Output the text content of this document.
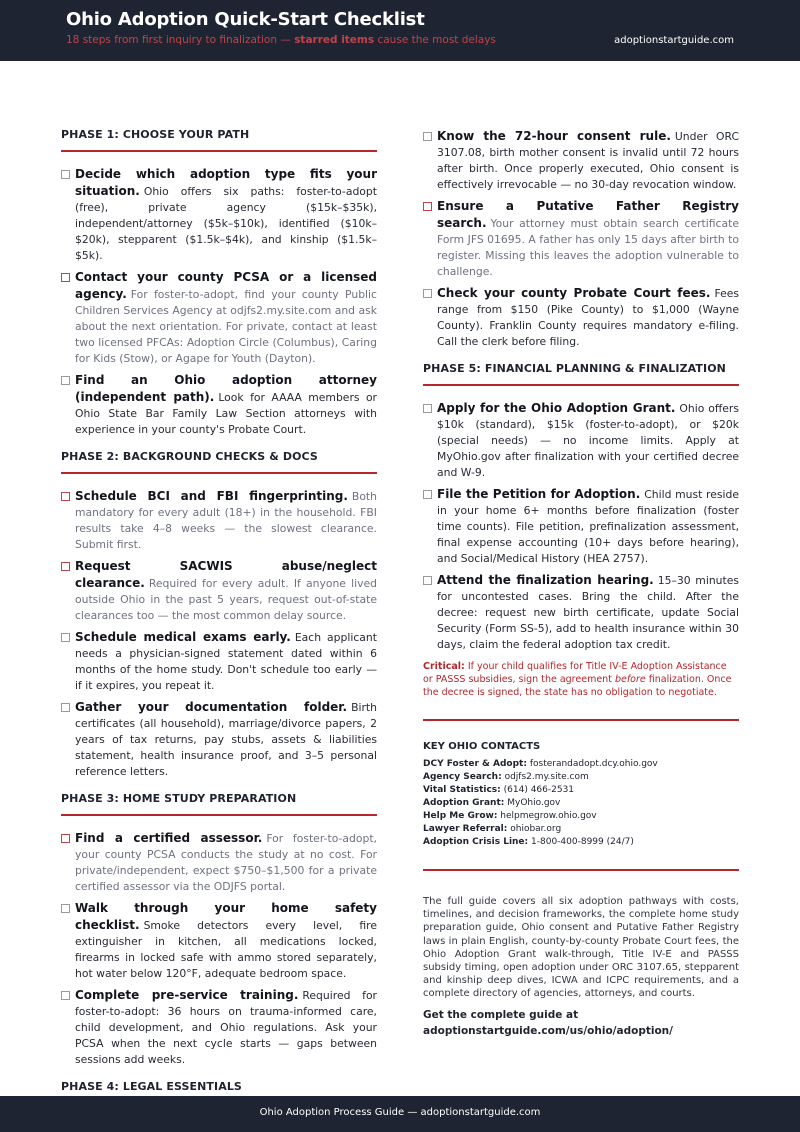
Ohio Adoption Quick-Start Checklist
18 steps from first inquiry to finalization — starred items cause the most delays	adoptionstartguide.com
PHASE 1: CHOOSE YOUR PATH
Decide which adoption type fits your situation. Ohio offers six paths: foster-to-adopt (free), private agency ($15k–$35k), independent/attorney ($5k–$10k), identified ($10k–$20k), stepparent ($1.5k–$4k), and kinship ($1.5k–$5k).
Contact your county PCSA or a licensed agency. For foster-to-adopt, find your county Public Children Services Agency at odjfs2.my.site.com and ask about the next orientation. For private, contact at least two licensed PFCAs: Adoption Circle (Columbus), Caring for Kids (Stow), or Agape for Youth (Dayton).
Find an Ohio adoption attorney (independent path). Look for AAAA members or Ohio State Bar Family Law Section attorneys with experience in your county's Probate Court.
PHASE 2: BACKGROUND CHECKS & DOCS
Schedule BCI and FBI fingerprinting. Both mandatory for every adult (18+) in the household. FBI results take 4–8 weeks — the slowest clearance. Submit first.
Request SACWIS abuse/neglect clearance. Required for every adult. If anyone lived outside Ohio in the past 5 years, request out-of-state clearances too — the most common delay source.
Schedule medical exams early. Each applicant needs a physician-signed statement dated within 6 months of the home study. Don't schedule too early — if it expires, you repeat it.
Gather your documentation folder. Birth certificates (all household), marriage/divorce papers, 2 years of tax returns, pay stubs, assets & liabilities statement, health insurance proof, and 3–5 personal reference letters.
PHASE 3: HOME STUDY PREPARATION
Find a certified assessor. For foster-to-adopt, your county PCSA conducts the study at no cost. For private/independent, expect $750–$1,500 for a private certified assessor via the ODJFS portal.
Walk through your home safety checklist. Smoke detectors every level, fire extinguisher in kitchen, all medications locked, firearms in locked safe with ammo stored separately, hot water below 120°F, adequate bedroom space.
Complete pre-service training. Required for foster-to-adopt: 36 hours on trauma-informed care, child development, and Ohio regulations. Ask your PCSA when the next cycle starts — gaps between sessions add weeks.
PHASE 4: LEGAL ESSENTIALS
Know the 72-hour consent rule. Under ORC 3107.08, birth mother consent is invalid until 72 hours after birth. Once properly executed, Ohio consent is effectively irrevocable — no 30-day revocation window.
Ensure a Putative Father Registry search. Your attorney must obtain search certificate Form JFS 01695. A father has only 15 days after birth to register. Missing this leaves the adoption vulnerable to challenge.
Check your county Probate Court fees. Fees range from $150 (Pike County) to $1,000 (Wayne County). Franklin County requires mandatory e-filing. Call the clerk before filing.
PHASE 5: FINANCIAL PLANNING & FINALIZATION
Apply for the Ohio Adoption Grant. Ohio offers $10k (standard), $15k (foster-to-adopt), or $20k (special needs) — no income limits. Apply at MyOhio.gov after finalization with your certified decree and W-9.
File the Petition for Adoption. Child must reside in your home 6+ months before finalization (foster time counts). File petition, prefinalization assessment, final expense accounting (10+ days before hearing), and Social/Medical History (HEA 2757).
Attend the finalization hearing. 15–30 minutes for uncontested cases. Bring the child. After the decree: request new birth certificate, update Social Security (Form SS-5), add to health insurance within 30 days, claim the federal adoption tax credit.
Critical: If your child qualifies for Title IV-E Adoption Assistance or PASSS subsidies, sign the agreement before finalization. Once the decree is signed, the state has no obligation to negotiate.
KEY OHIO CONTACTS
DCY Foster & Adopt: fosterandadopt.dcy.ohio.gov
Agency Search: odjfs2.my.site.com
Vital Statistics: (614) 466-2531
Adoption Grant: MyOhio.gov
Help Me Grow: helpmegrow.ohio.gov
Lawyer Referral: ohiobar.org
Adoption Crisis Line: 1-800-400-8999 (24/7)
The full guide covers all six adoption pathways with costs, timelines, and decision frameworks, the complete home study preparation guide, Ohio consent and Putative Father Registry laws in plain English, county-by-county Probate Court fees, the Ohio Adoption Grant walk-through, Title IV-E and PASSS subsidy timing, open adoption under ORC 3107.65, stepparent and kinship deep dives, ICWA and ICPC requirements, and a complete directory of agencies, attorneys, and courts.
Get the complete guide at
adoptionstartguide.com/us/ohio/adoption/
Ohio Adoption Process Guide — adoptionstartguide.com
